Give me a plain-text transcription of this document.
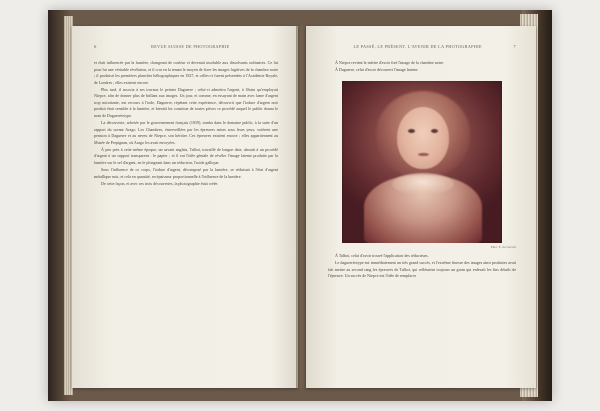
6	REVUE SUISSE DE PHOTOGRAPHIE

et était influencée par la lumière, changeant de couleur et devenait insoluble aux dissolvants ordinaires. Ce fut pour lui une véritable révélation, et il crut en la tenant le moyen de fixer les images fugitives de la chambre noire ; il produisit les premières planches héliographiques en 1827, et celles-ci furent présentées à l'Académie Royale, de Londres ; elles existent encore.

Plus tard, il associa à ses travaux le peintre Daguerre ; celui-ci admettra l'argent, à l'étain qu'employait Niepce, afin de donner plus de brillant aux images. Un jour, et comme, en essuyant de main avec lame d'argent trop miroitante, eut recours à l'iode, Daguerre, répétant cette expérience, découvrit que l'iodure d'argent noir produit était sensible à la lumière, et bientôt lui constitue de toutes pièces ce procédé auquel le public donna le nom de Daguerréotype.

La découverte, achetée par le gouvernement français (1839), tomba dans le domaine public, à la suite d'un rapport du savant Arago. Les Chambres, émerveillées par les épreuves mises sous leurs yeux, votèrent une pension à Daguerre et au neveu de Niepce, son héritier. Ces épreuves existent encore ; elles appartiennent au Musée de Perpignan, où Arago les avait envoyées.

À peu près à cette même époque, un savant anglais, Talbot, travaillé de longue date, aboutit à un procédé d'argent à un support transparent : le papier ; et il eut l'idée géniale de révéler l'image latente produite par la lumière sur le sel d'argent, en le plongeant dans un réducteur, l'acide gallique.

Sous l'influence de ce corps, l'iodure d'argent, décomposé par la lumière, se réduisait à l'état d'argent métallique noir, et cela en quantité, en épaisseur proportionnelle à l'influence de la lumière.

De cette façon, et avec ces trois découvertes, la photographie était créée.

LE PASSÉ, LE PRÉSENT, L'AVENIR DE LA PHOTOGRAPHIE	7

À Niepce revient le mérite d'avoir fixé l'image de la chambre noire.

À Daguerre, celui d'avoir découvert l'image latente.

Phot. E. de Gorsch

À Talbot, celui d'avoir trouvé l'application des réducteurs.

Le daguerréotype eut immédiatement un très grand succès, et l'extrême finesse des images ainsi produites avait fait mettre au second rang les épreuves de Talbot, qui reflétaient toujours un grain qui enlevait les fins détails de l'épreuve. Un succès de Niepce eut l'idée de remplacer
